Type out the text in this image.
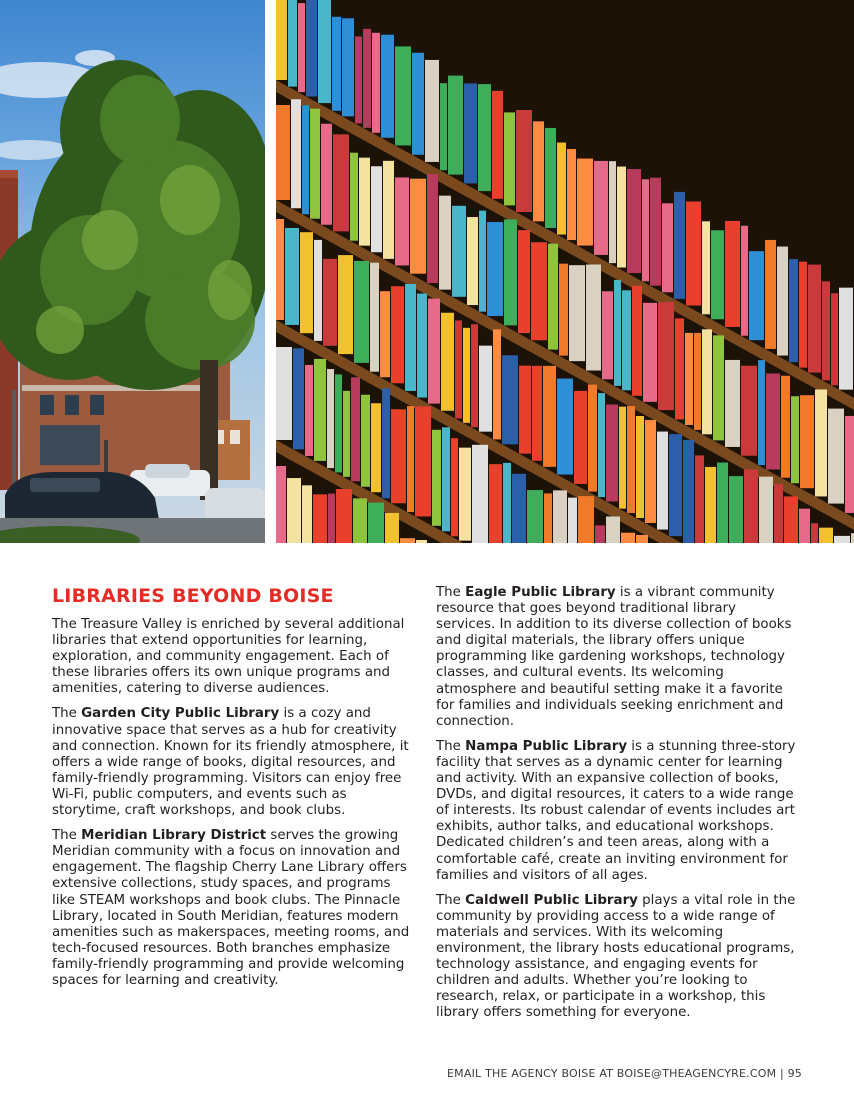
LIBRARIES BEYOND BOISE

The Treasure Valley is enriched by several additional libraries that extend opportunities for learning, exploration, and community engagement. Each of these libraries offers its own unique programs and amenities, catering to diverse audiences.

The Garden City Public Library is a cozy and innovative space that serves as a hub for creativity and connection. Known for its friendly atmosphere, it offers a wide range of books, digital resources, and family-friendly programming. Visitors can enjoy free Wi-Fi, public computers, and events such as storytime, craft workshops, and book clubs.

The Meridian Library District serves the growing Meridian community with a focus on innovation and engagement. The flagship Cherry Lane Library offers extensive collections, study spaces, and programs like STEAM workshops and book clubs. The Pinnacle Library, located in South Meridian, features modern amenities such as makerspaces, meeting rooms, and tech-focused resources. Both branches emphasize family-friendly programming and provide welcoming spaces for learning and creativity.

The Eagle Public Library is a vibrant community resource that goes beyond traditional library services. In addition to its diverse collection of books and digital materials, the library offers unique programming like gardening workshops, technology classes, and cultural events. Its welcoming atmosphere and beautiful setting make it a favorite for families and individuals seeking enrichment and connection.

The Nampa Public Library is a stunning three-story facility that serves as a dynamic center for learning and activity. With an expansive collection of books, DVDs, and digital resources, it caters to a wide range of interests. Its robust calendar of events includes art exhibits, author talks, and educational workshops. Dedicated children’s and teen areas, along with a comfortable café, create an inviting environment for families and visitors of all ages.

The Caldwell Public Library plays a vital role in the community by providing access to a wide range of materials and services. With its welcoming environment, the library hosts educational programs, technology assistance, and engaging events for children and adults. Whether you’re looking to research, relax, or participate in a workshop, this library offers something for everyone.

EMAIL THE AGENCY BOISE AT BOISE@THEAGENCYRE.COM | 95
